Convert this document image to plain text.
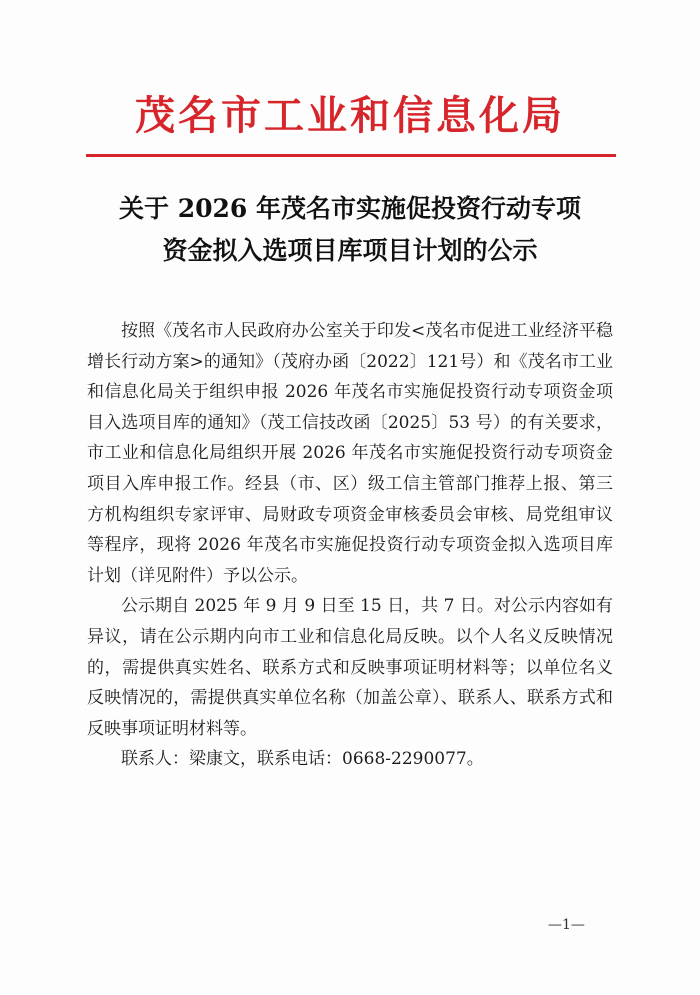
茂名市工业和信息化局
关于 2026 年茂名市实施促投资行动专项
资金拟入选项目库项目计划的公示

按照《茂名市人民政府办公室关于印发<茂名市促进工业经济平稳增长行动方案>的通知》（茂府办函〔2022〕121号）和《茂名市工业和信息化局关于组织申报 2026 年茂名市实施促投资行动专项资金项目入选项目库的通知》（茂工信技改函〔2025〕53 号）的有关要求，市工业和信息化局组织开展 2026 年茂名市实施促投资行动专项资金项目入库申报工作。经县（市、区）级工信主管部门推荐上报、第三方机构组织专家评审、局财政专项资金审核委员会审核、局党组审议等程序，现将 2026 年茂名市实施促投资行动专项资金拟入选项目库计划（详见附件）予以公示。

公示期自 2025 年 9 月 9 日至 15 日，共 7 日。对公示内容如有异议，请在公示期内向市工业和信息化局反映。以个人名义反映情况的，需提供真实姓名、联系方式和反映事项证明材料等；以单位名义反映情况的，需提供真实单位名称（加盖公章）、联系人、联系方式和反映事项证明材料等。

联系人：梁康文，联系电话：0668-2290077。

—1—
